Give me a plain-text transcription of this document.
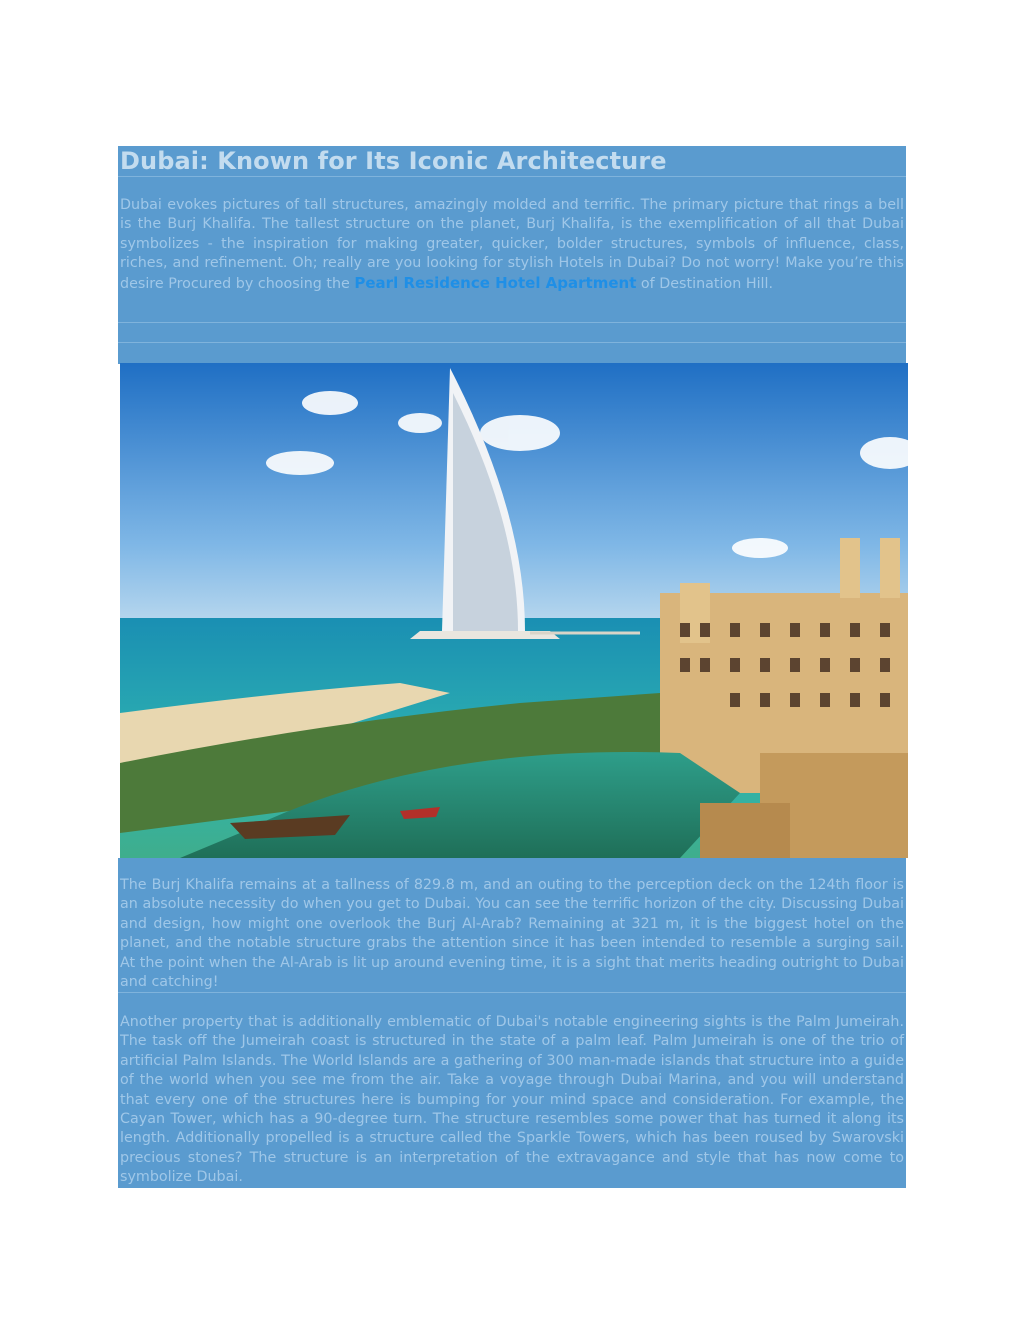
Dubai: Known for Its Iconic Architecture

Dubai evokes pictures of tall structures, amazingly molded and terrific. The primary picture that rings a bell is the Burj Khalifa. The tallest structure on the planet, Burj Khalifa, is the exemplification of all that Dubai symbolizes - the inspiration for making greater, quicker, bolder structures, symbols of influence, class, riches, and refinement. Oh; really are you looking for stylish Hotels in Dubai? Do not worry! Make you’re this desire Procured by choosing the Pearl Residence Hotel Apartment of Destination Hill.

The Burj Khalifa remains at a tallness of 829.8 m, and an outing to the perception deck on the 124th floor is an absolute necessity do when you get to Dubai. You can see the terrific horizon of the city. Discussing Dubai and design, how might one overlook the Burj Al-Arab? Remaining at 321 m, it is the biggest hotel on the planet, and the notable structure grabs the attention since it has been intended to resemble a surging sail. At the point when the Al-Arab is lit up around evening time, it is a sight that merits heading outright to Dubai and catching!

Another property that is additionally emblematic of Dubai's notable engineering sights is the Palm Jumeirah. The task off the Jumeirah coast is structured in the state of a palm leaf. Palm Jumeirah is one of the trio of artificial Palm Islands. The World Islands are a gathering of 300 man-made islands that structure into a guide of the world when you see me from the air. Take a voyage through Dubai Marina, and you will understand that every one of the structures here is bumping for your mind space and consideration. For example, the Cayan Tower, which has a 90-degree turn. The structure resembles some power that has turned it along its length. Additionally propelled is a structure called the Sparkle Towers, which has been roused by Swarovski precious stones? The structure is an interpretation of the extravagance and style that has now come to symbolize Dubai.
